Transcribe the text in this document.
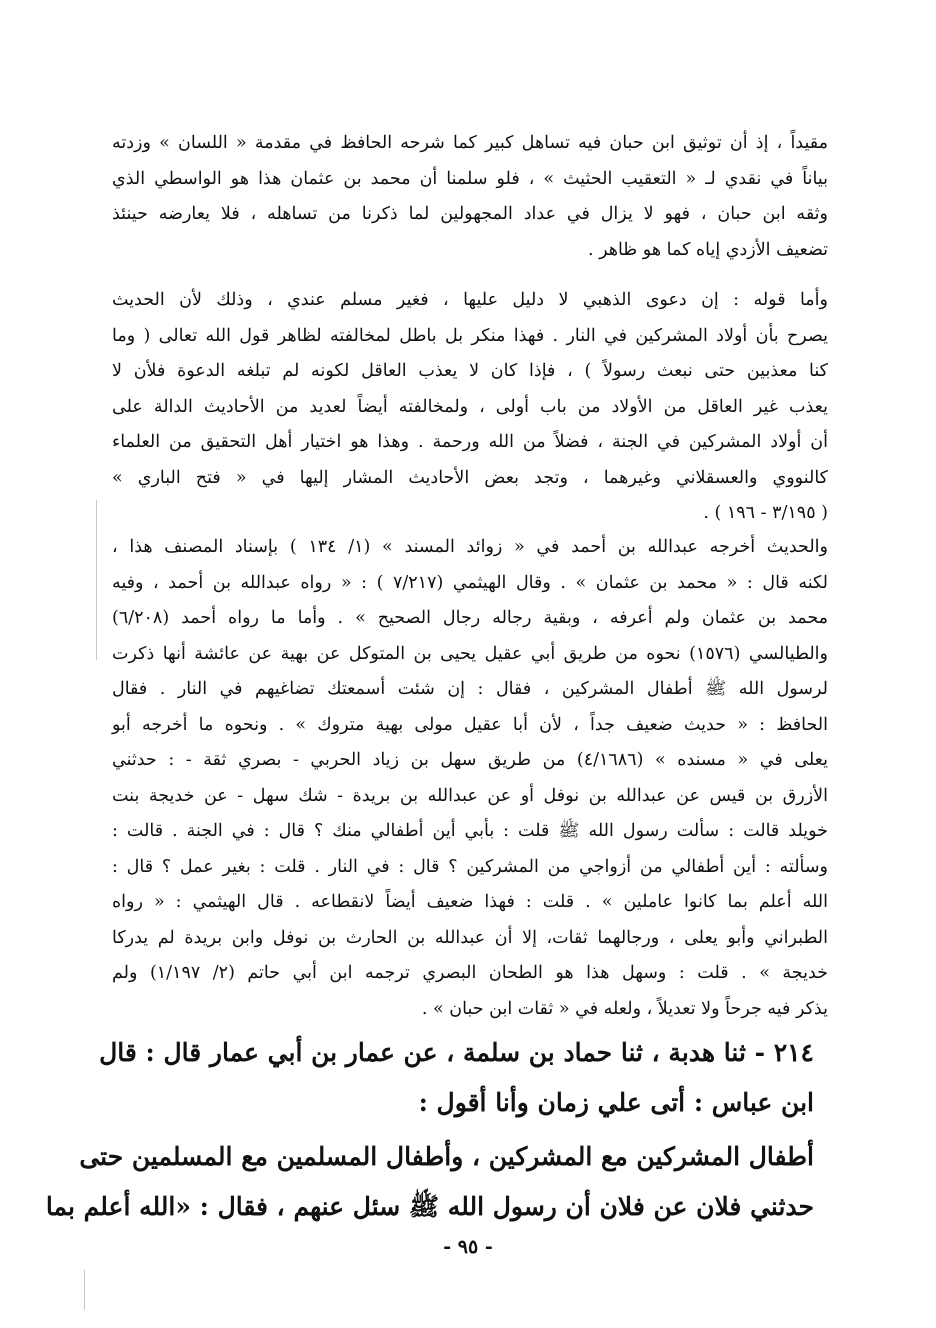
مقيداً ، إذ أن توثيق ابن حبان فيه تساهل كبير كما شرحه الحافظ في مقدمة « اللسان » وزدته
بياناً في نقدي لـ « التعقيب الحثيث » ، فلو سلمنا أن محمد بن عثمان هذا هو الواسطي الذي
وثقه ابن حبان ، فهو لا يزال في عداد المجهولين لما ذكرنا من تساهله ، فلا يعارضه حينئذ
تضعيف الأزدي إياه كما هو ظاهر .
وأما قوله : إن دعوى الذهبي لا دليل عليها ، فغير مسلم عندي ، وذلك لأن الحديث
يصرح بأن أولاد المشركين في النار . فهذا منكر بل باطل لمخالفته لظاهر قول الله تعالى ( وما
كنا معذبين حتى نبعث رسولاً ) ، فإذا كان لا يعذب العاقل لكونه لم تبلغه الدعوة فلأن لا
يعذب غير العاقل من الأولاد من باب أولى ، ولمخالفته أيضاً لعديد من الأحاديث الدالة على
أن أولاد المشركين في الجنة ، فضلاً من الله ورحمة . وهذا هو اختيار أهل التحقيق من العلماء
كالنووي والعسقلاني وغيرهما ، وتجد بعض الأحاديث المشار إليها في « فتح الباري »
( ٣/١٩٥ - ١٩٦ ) .
والحديث أخرجه عبدالله بن أحمد في « زوائد المسند » (١/ ١٣٤ ) بإسناد المصنف هذا ،
لكنه قال : « محمد بن عثمان » . وقال الهيثمي (٧/٢١٧ ) : « رواه عبدالله بن أحمد ، وفيه
محمد بن عثمان ولم أعرفه ، وبقية رجاله رجال الصحيح » . وأما ما رواه أحمد (٦/٢٠٨)
والطيالسي (١٥٧٦) نحوه من طريق أبي عقيل يحيى بن المتوكل عن بهية عن عائشة أنها ذكرت
لرسول الله ﷺ أطفال المشركين ، فقال : إن شئت أسمعتك تضاغيهم في النار . فقال
الحافظ : « حديث ضعيف جداً ، لأن أبا عقيل مولى بهية متروك » . ونحوه ما أخرجه أبو
يعلى في « مسنده » (٤/١٦٨٦) من طريق سهل بن زياد الحربي - بصري ثقة - : حدثني
الأزرق بن قيس عن عبدالله بن نوفل أو عن عبدالله بن بريدة - شك سهل - عن خديجة بنت
خويلد قالت : سألت رسول الله ﷺ قلت : بأبي أين أطفالي منك ؟ قال : في الجنة . قالت :
وسألته : أين أطفالي من أزواجي من المشركين ؟ قال : في النار . قلت : بغير عمل ؟ قال :
الله أعلم بما كانوا عاملين » . قلت : فهذا ضعيف أيضاً لانقطاعه . قال الهيثمي : « رواه
الطبراني وأبو يعلى ، ورجالهما ثقات، إلا أن عبدالله بن الحارث بن نوفل وابن بريدة لم يدركا
خديجة » . قلت : وسهل هذا هو الطحان البصري ترجمه ابن أبي حاتم (٢/ ١/١٩٧) ولم
يذكر فيه جرحاً ولا تعديلاً ، ولعله في « ثقات ابن حبان » .
٢١٤ - ثنا هدبة ، ثنا حماد بن سلمة ، عن عمار بن أبي عمار قال : قال
ابن عباس : أتى علي زمان وأنا أقول :
أطفال المشركين مع المشركين ، وأطفال المسلمين مع المسلمين حتى
حدثني فلان عن فلان أن رسول الله ﷺ سئل عنهم ، فقال : «الله أعلم بما
- ٩٥ -
